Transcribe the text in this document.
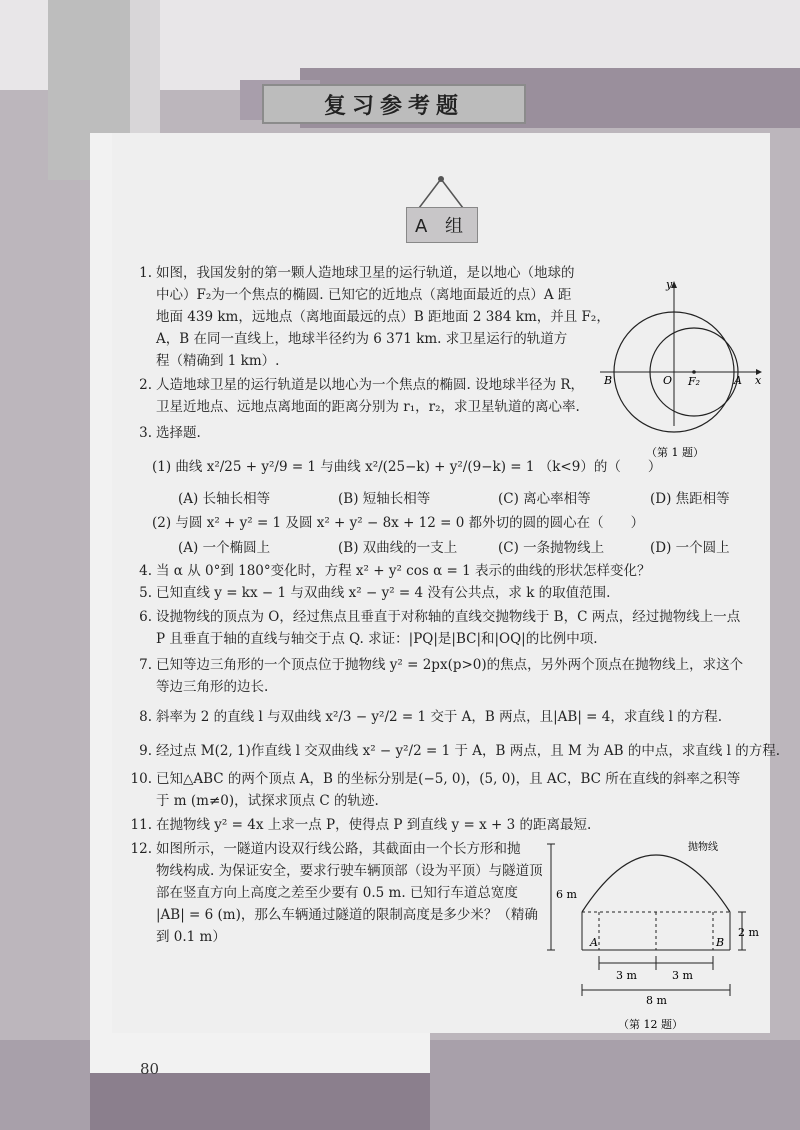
复习参考题
A 组
1. 如图，我国发射的第一颗人造地球卫星的运行轨道，是以地心（地球的
中心）F₂为一个焦点的椭圆. 已知它的近地点（离地面最近的点）A 距
地面 439 km，远地点（离地面最远的点）B 距地面 2 384 km，并且 F₂，
A，B 在同一直线上，地球半径约为 6 371 km. 求卫星运行的轨道方
程（精确到 1 km）.
2. 人造地球卫星的运行轨道是以地心为一个焦点的椭圆. 设地球半径为 R，
卫星近地点、远地点离地面的距离分别为 r₁，r₂，求卫星轨道的离心率.
3. 选择题.
(1) 曲线 x²/25 + y²/9 = 1 与曲线 x²/(25−k) + y²/(9−k) = 1 （k<9）的（　　）
(A) 长轴长相等	(B) 短轴长相等	(C) 离心率相等	(D) 焦距相等
(2) 与圆 x² + y² = 1 及圆 x² + y² − 8x + 12 = 0 都外切的圆的圆心在（　　）
(A) 一个椭圆上	(B) 双曲线的一支上	(C) 一条抛物线上	(D) 一个圆上
4. 当 α 从 0°到 180°变化时，方程 x² + y² cos α = 1 表示的曲线的形状怎样变化？
5. 已知直线 y = kx − 1 与双曲线 x² − y² = 4 没有公共点，求 k 的取值范围.
6. 设抛物线的顶点为 O，经过焦点且垂直于对称轴的直线交抛物线于 B，C 两点，经过抛物线上一点
P 且垂直于轴的直线与轴交于点 Q. 求证：|PQ|是|BC|和|OQ|的比例中项.
7. 已知等边三角形的一个顶点位于抛物线 y² = 2px(p>0)的焦点，另外两个顶点在抛物线上，求这个
等边三角形的边长.
8. 斜率为 2 的直线 l 与双曲线 x²/3 − y²/2 = 1 交于 A，B 两点，且|AB| = 4，求直线 l 的方程.
9. 经过点 M(2, 1)作直线 l 交双曲线 x² − y²/2 = 1 于 A，B 两点，且 M 为 AB 的中点，求直线 l 的方程.
10. 已知△ABC 的两个顶点 A，B 的坐标分别是(−5, 0)，(5, 0)，且 AC，BC 所在直线的斜率之积等
于 m (m≠0)，试探求顶点 C 的轨迹.
11. 在抛物线 y² = 4x 上求一点 P，使得点 P 到直线 y = x + 3 的距离最短.
12. 如图所示，一隧道内设双行线公路，其截面由一个长方形和抛
物线构成. 为保证安全，要求行驶车辆顶部（设为平顶）与隧道顶
部在竖直方向上高度之差至少要有 0.5 m. 已知行车道总宽度
|AB| = 6 (m)，那么车辆通过隧道的限制高度是多少米？（精确
到 0.1 m）
y
x
B	O F₂	A
（第 1 题）
抛物线
6 m
2 m
A	B
3 m	3 m
8 m
（第 12 题）
80
